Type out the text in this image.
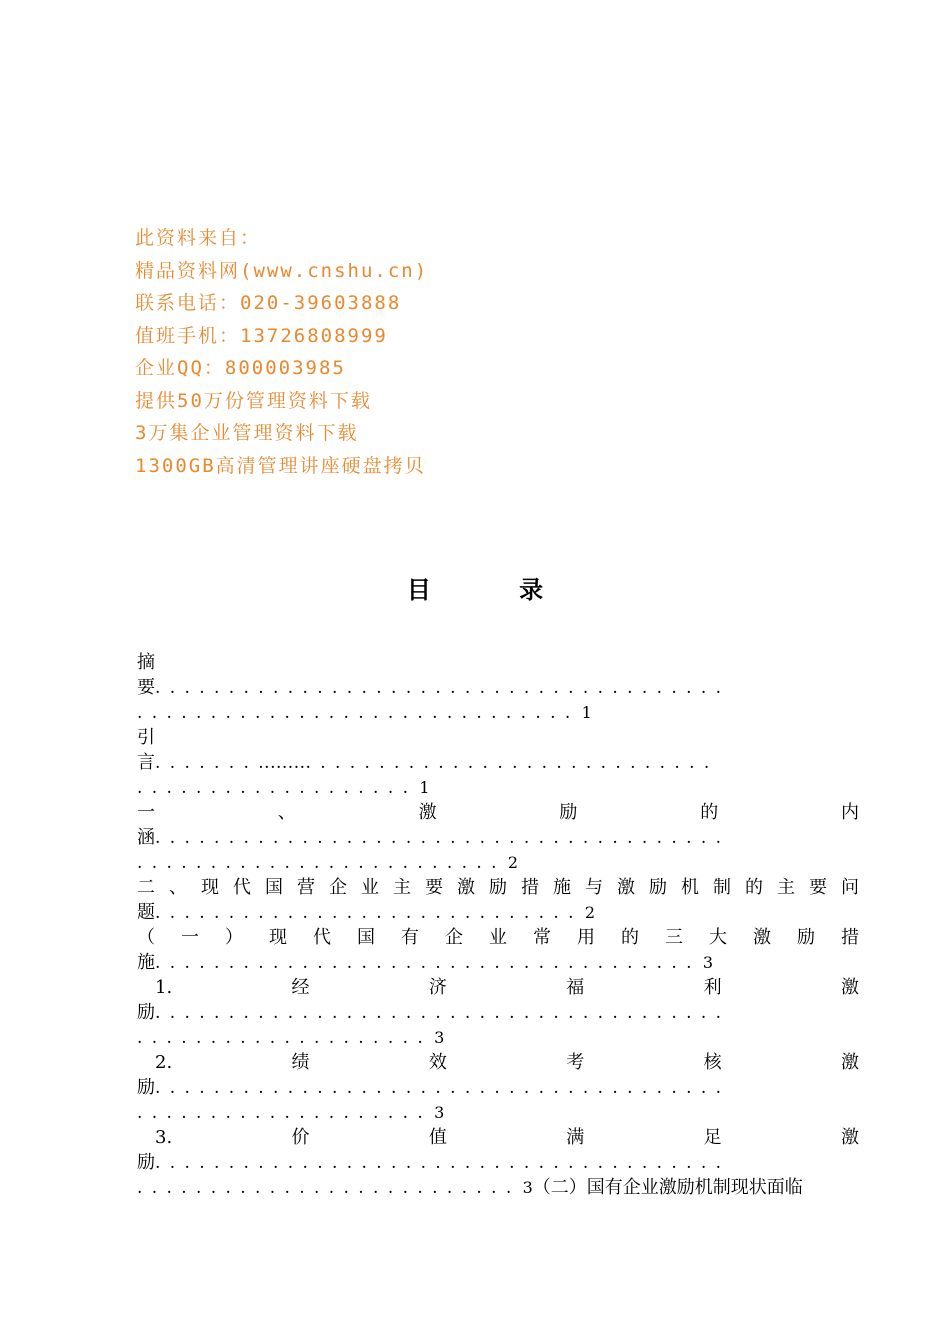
此资料来自：
精品资料网(www.cnshu.cn)
联系电话：020-39603888
值班手机：13726808999
企业QQ：800003985
提供50万份管理资料下载
3万集企业管理资料下载
1300GB高清管理讲座硬盘拷贝
目 录
摘
要.......................................
.............................. 1
引
言...........................................
................... 1
一	、	激	励	的	内
涵.......................................
......................... 2
二 、 现 代 国 营 企 业 主 要 激 励 措 施 与 激 励 机 制 的 主 要 问
题............................. 2
（ 一 ） 现 代 国 有 企 业 常 用 的 三 大 激 励 措
施..................................... 3
1.	经	济	福	利	激
励.......................................
.................... 3
2.	绩	效	考	核	激
励.......................................
.................... 3
3.	价	值	满	足	激
励.......................................
.......................... 3（二）国有企业激励机制现状面临
